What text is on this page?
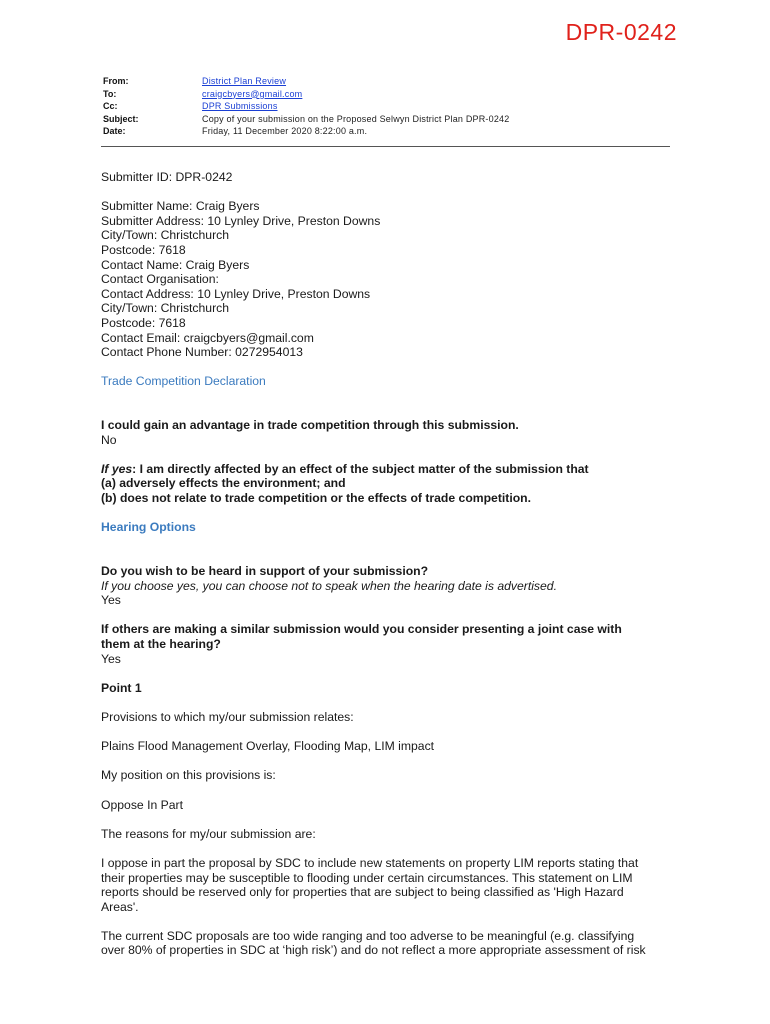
DPR-0242
From:	District Plan Review
To:	craigcbyers@gmail.com
Cc:	DPR Submissions
Subject:	Copy of your submission on the Proposed Selwyn District Plan DPR-0242
Date:	Friday, 11 December 2020 8:22:00 a.m.

Submitter ID: DPR-0242

Submitter Name: Craig Byers

Submitter Address: 10 Lynley Drive, Preston Downs

City/Town: Christchurch

Postcode: 7618

Contact Name: Craig Byers

Contact Organisation:

Contact Address: 10 Lynley Drive, Preston Downs

City/Town: Christchurch

Postcode: 7618

Contact Email: craigcbyers@gmail.com

Contact Phone Number: 0272954013

Trade Competition Declaration

I could gain an advantage in trade competition through this submission.

No

If yes: I am directly affected by an effect of the subject matter of the submission that

(a) adversely effects the environment; and

(b) does not relate to trade competition or the effects of trade competition.

Hearing Options

Do you wish to be heard in support of your submission?

If you choose yes, you can choose not to speak when the hearing date is advertised.

Yes

If others are making a similar submission would you consider presenting a joint case with

them at the hearing?

Yes

Point 1

Provisions to which my/our submission relates:

Plains Flood Management Overlay, Flooding Map, LIM impact

My position on this provisions is:

Oppose In Part

The reasons for my/our submission are:

I oppose in part the proposal by SDC to include new statements on property LIM reports stating that

their properties may be susceptible to flooding under certain circumstances. This statement on LIM

reports should be reserved only for properties that are subject to being classified as 'High Hazard

Areas'.

The current SDC proposals are too wide ranging and too adverse to be meaningful (e.g. classifying

over 80% of properties in SDC at ‘high risk’) and do not reflect a more appropriate assessment of risk
